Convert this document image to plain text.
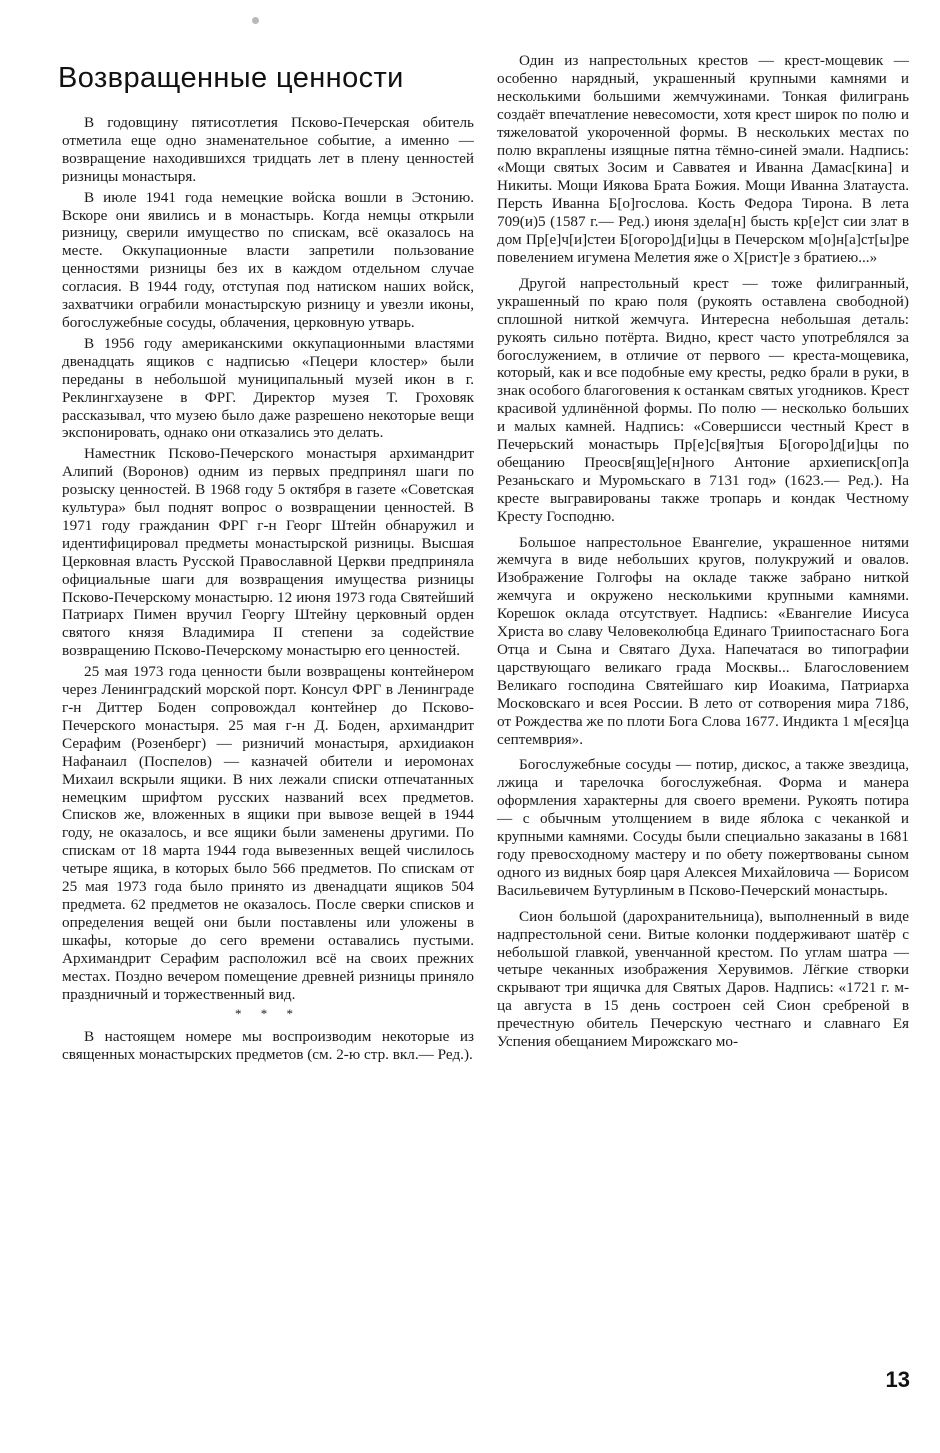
Возвращенные ценности

В годовщину пятисотлетия Псково-Печерская обитель отметила еще одно знаменательное событие, а именно — возвращение находившихся тридцать лет в плену ценностей ризницы монастыря.

В июле 1941 года немецкие войска вошли в Эстонию. Вскоре они явились и в монастырь. Когда немцы открыли ризницу, сверили имущество по спискам, всё оказалось на месте. Оккупационные власти запретили пользование ценностями ризницы без их в каждом отдельном случае согласия. В 1944 году, отступая под натиском наших войск, захватчики ограбили монастырскую ризницу и увезли иконы, богослужебные сосуды, облачения, церковную утварь.

В 1956 году американскими оккупационными властями двенадцать ящиков с надписью «Пецери клостер» были переданы в небольшой муниципальный музей икон в г. Реклингхаузене в ФРГ. Директор музея Т. Гроховяк рассказывал, что музею было даже разрешено некоторые вещи экспонировать, однако они отказались это делать.

Наместник Псково-Печерского монастыря архимандрит Алипий (Воронов) одним из первых предпринял шаги по розыску ценностей. В 1968 году 5 октября в газете «Советская культура» был поднят вопрос о возвращении ценностей. В 1971 году гражданин ФРГ г-н Георг Штейн обнаружил и идентифицировал предметы монастырской ризницы. Высшая Церковная власть Русской Православной Церкви предприняла официальные шаги для возвращения имущества ризницы Псково-Печерскому монастырю. 12 июня 1973 года Святейший Патриарх Пимен вручил Георгу Штейну церковный орден святого князя Владимира II степени за содействие возвращению Псково-Печерскому монастырю его ценностей.

25 мая 1973 года ценности были возвращены контейнером через Ленинградский морской порт. Консул ФРГ в Ленинграде г-н Диттер Боден сопровождал контейнер до Псково-Печерского монастыря. 25 мая г-н Д. Боден, архимандрит Серафим (Розенберг) — ризничий монастыря, архидиакон Нафанаил (Поспелов) — казначей обители и иеромонах Михаил вскрыли ящики. В них лежали списки отпечатанных немецким шрифтом русских названий всех предметов. Списков же, вложенных в ящики при вывозе вещей в 1944 году, не оказалось, и все ящики были заменены другими. По спискам от 18 марта 1944 года вывезенных вещей числилось четыре ящика, в которых было 566 предметов. По спискам от 25 мая 1973 года было принято из двенадцати ящиков 504 предмета. 62 предметов не оказалось. После сверки списков и определения вещей они были поставлены или уложены в шкафы, которые до сего времени оставались пустыми. Архимандрит Серафим расположил всё на своих прежних местах. Поздно вечером помещение древней ризницы приняло праздничный и торжественный вид.

* * *

В настоящем номере мы воспроизводим некоторые из священных монастырских предметов (см. 2-ю стр. вкл.— Ред.).

Один из напрестольных крестов — крест-мощевик — особенно нарядный, украшенный крупными камнями и несколькими большими жемчужинами. Тонкая филигрань создаёт впечатление невесомости, хотя крест широк по полю и тяжеловатой укороченной формы. В нескольких местах по полю вкраплены изящные пятна тёмно-синей эмали. Надпись: «Мощи святых Зосим и Савватея и Иванна Дамас[кина] и Никиты. Мощи Иякова Брата Божия. Мощи Иванна Златауста. Персть Иванна Б[о]гослова. Кость Федора Тирона. В лета 709(и)5 (1587 г.— Ред.) июня здела[н] бысть кр[е]ст сии злат в дом Пр[е]ч[и]стеи Б[огоро]д[и]цы в Печерском м[о]н[а]ст[ы]ре повелением игумена Мелетия яже о Х[рист]е з братиею...»

Другой напрестольный крест — тоже филигранный, украшенный по краю поля (рукоять оставлена свободной) сплошной ниткой жемчуга. Интересна небольшая деталь: рукоять сильно потёрта. Видно, крест часто употреблялся за богослужением, в отличие от первого — креста-мощевика, который, как и все подобные ему кресты, редко брали в руки, в знак особого благоговения к останкам святых угодников. Крест красивой удлинённой формы. По полю — несколько больших и малых камней. Надпись: «Совершисси честный Крест в Печерьский монастырь Пр[е]с[вя]тыя Б[огоро]д[и]цы по обещанию Преосв[ящ]е[н]ного Антоние архиеписк[оп]а Резаньскаго и Муромьскаго в 7131 год» (1623.— Ред.). На кресте выгравированы также тропарь и кондак Честному Кресту Господню.

Большое напрестольное Евангелие, украшенное нитями жемчуга в виде небольших кругов, полукружий и овалов. Изображение Голгофы на окладе также забрано ниткой жемчуга и окружено несколькими крупными камнями. Корешок оклада отсутствует. Надпись: «Евангелие Иисуса Христа во славу Человеколюбца Единаго Триипостаснаго Бога Отца и Сына и Святаго Духа. Напечатася во типографии царствующаго великаго града Москвы... Благословением Великаго господина Святейшаго кир Иоакима, Патриарха Московскаго и всея России. В лето от сотворения мира 7186, от Рождества же по плоти Бога Слова 1677. Индикта 1 м[еся]ца септемврия».

Богослужебные сосуды — потир, дискос, а также звездица, лжица и тарелочка богослужебная. Форма и манера оформления характерны для своего времени. Рукоять потира — с обычным утолщением в виде яблока с чеканкой и крупными камнями. Сосуды были специально заказаны в 1681 году превосходному мастеру и по обету пожертвованы сыном одного из видных бояр царя Алексея Михайловича — Борисом Васильевичем Бутурлиным в Псково-Печерский монастырь.

Сион большой (дарохранительница), выполненный в виде надпрестольной сени. Витые колонки поддерживают шатёр с небольшой главкой, увенчанной крестом. По углам шатра — четыре чеканных изображения Херувимов. Лёгкие створки скрывают три ящичка для Святых Даров. Надпись: «1721 г. м-ца августа в 15 день состроен сей Сион сребреной в пречестную обитель Печерскую честнаго и славнаго Ея Успения обещанием Мирожскаго мо-

13
